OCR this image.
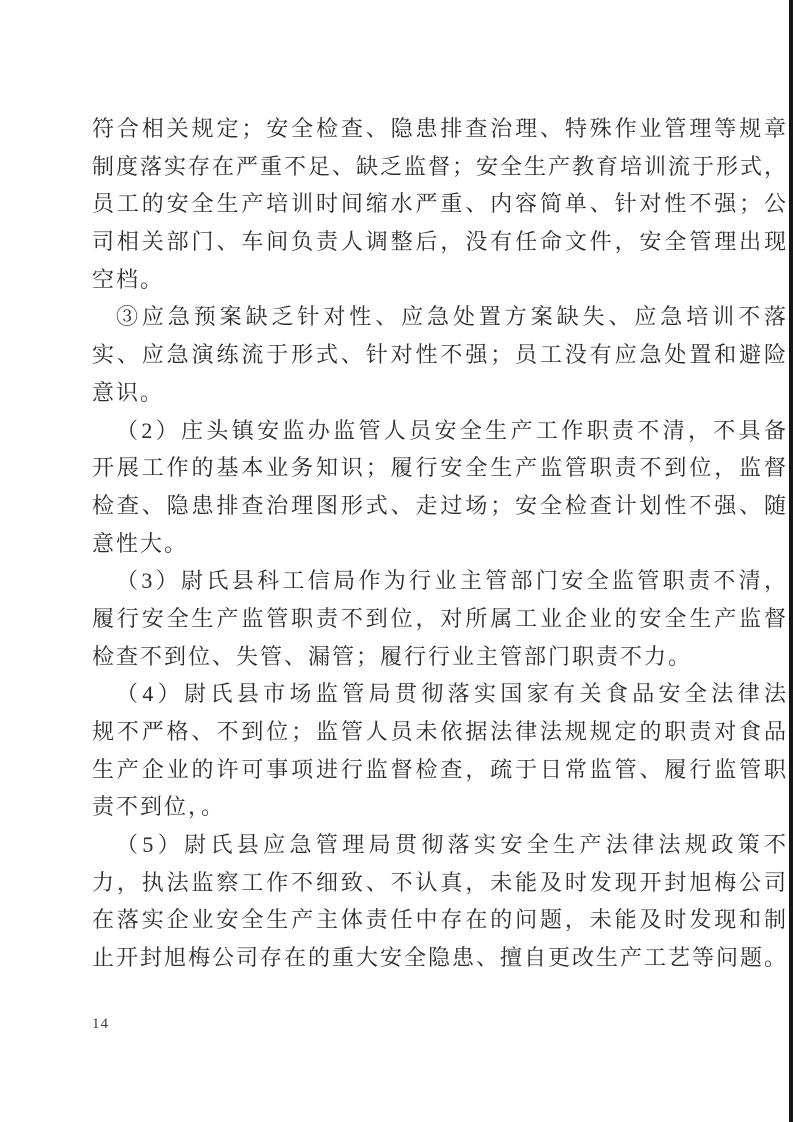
符合相关规定；安全检查、隐患排查治理、特殊作业管理等规章
制度落实存在严重不足、缺乏监督；安全生产教育培训流于形式，
员工的安全生产培训时间缩水严重、内容简单、针对性不强；公
司相关部门、车间负责人调整后，没有任命文件，安全管理出现
空档。
③应急预案缺乏针对性、应急处置方案缺失、应急培训不落
实、应急演练流于形式、针对性不强；员工没有应急处置和避险
意识。
（2）庄头镇安监办监管人员安全生产工作职责不清，不具备
开展工作的基本业务知识；履行安全生产监管职责不到位，监督
检查、隐患排查治理图形式、走过场；安全检查计划性不强、随
意性大。
（3）尉氏县科工信局作为行业主管部门安全监管职责不清，
履行安全生产监管职责不到位，对所属工业企业的安全生产监督
检查不到位、失管、漏管；履行行业主管部门职责不力。
（4）尉氏县市场监管局贯彻落实国家有关食品安全法律法
规不严格、不到位；监管人员未依据法律法规规定的职责对食品
生产企业的许可事项进行监督检查，疏于日常监管、履行监管职
责不到位，。
（5）尉氏县应急管理局贯彻落实安全生产法律法规政策不
力，执法监察工作不细致、不认真，未能及时发现开封旭梅公司
在落实企业安全生产主体责任中存在的问题，未能及时发现和制
止开封旭梅公司存在的重大安全隐患、擅自更改生产工艺等问题。
14
